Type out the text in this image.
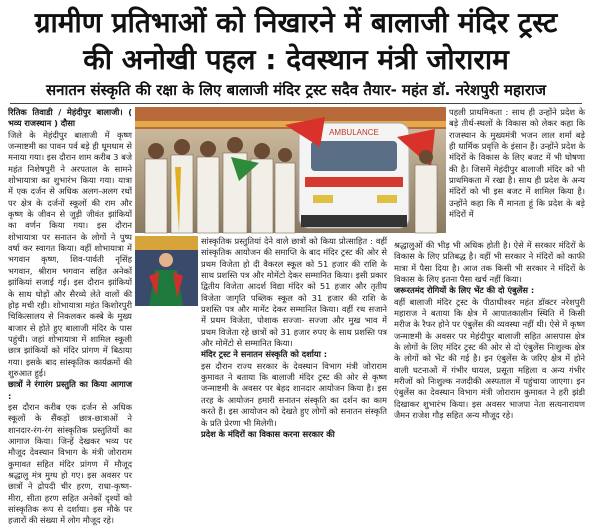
ग्रामीण प्रतिभाओं को निखारने में बालाजी मंदिर ट्रस्ट
की अनोखी पहल : देवस्थान मंत्री जोराराम
सनातन संस्कृति की रक्षा के लिए बालाजी मंदिर ट्रस्ट सदैव तैयार- महंत डॉ. नरेशपुरी महाराज

रितिक तिवाडी / मेहंदीपुर बालाजी। ( भव्य राजस्थान ) दौसा

जिले के मेहंदीपुर बालाजी में कृष्ण जन्माष्टमी का पावन पर्व बड़े ही धूमधाम से मनाया गया। इस दौरान शाम करीब 3 बजे महंत निशेषपुरी ने अरपताल के सामने शोभायात्रा का शुभारंभ किया गया। यात्रा में एक दर्जन से अधिक अलग-अलग रथों पर क्षेत्र के दर्जनों स्कूलों की राम और कृष्ण के जीवन से जुड़ी जीवंत झांकियों का वर्णन किया गया। इस दौरान शोभायात्रा पर सनातन के लोगों ने पुष्प वर्षा कर स्वागत किया। वहीं शोभायात्रा में भगवान कृष्ण, शिव-पार्वती नृसिंह भगवान, श्रीराम भगवान सहित अनेकों झांकियां सजाई गई। इस दौरान झांकियों के साथ घोड़ों और सैरव्ये लेते वालों की होड़ मची रही। शोभायात्रा महंत किशोरपुरी चिकित्सालय से निकलकर कस्बे के मुख्य बाजार से होते हुए बालाजी मंदिर के पास पहुंची। जहां शोभायात्रा में शामिल स्कूली छात्र झांकियों को मंदिर प्रांगण में बिठाया गया। इसके बाद सांस्कृतिक कार्यक्रमों की शुरुआत हुई।

छात्रों ने रंगारंग प्रस्तुति का किया आगाज :

इस दौरान करीब एक दर्जन से अधिक स्कूलों के सैंकड़ों छात्र-छात्राओं ने शानदार-रंग-रंग सांस्कृतिक प्रस्तुतियों का आगाज किया। जिन्हें देखकर भव्य पर मौजूद देवस्थान विभाग के मंत्री जोराराम कुमावत सहित मंदिर प्रांगण में मौजूद श्रद्धालु मंत्र मुग्ध हो गए। इस अवसर पर छात्रों ने द्रोपदी चीर हरण, राधा-कृष्ण-मीरा, सीता हरण सहित अनेकों दृश्यों को सांस्कृतिक रूप से दर्शाया। इस मौके पर हजारों की संख्या में लोग मौजूद रहे।

AMBULANCE

सांस्कृतिक प्रस्तुतियां देने वाले छात्रों को किया प्रोत्साहित : वहीं सांस्कृतिक आयोजन की समाप्ति के बाद मंदिर ट्रस्ट की ओर से प्रथम विजेता हो दी वैकरल स्कूल को 51 हजार की राशि के साथ प्रशस्ति पत्र और मोमेंटो देकर सम्मानित किया। इसी प्रकार द्वितीय विजेता आदर्श विद्या मंदिर को 51 हजार और तृतीय विजेता जागृति पब्लिक स्कूल को 31 हजार की राशि के प्रशस्ति पत्र और मामेंट देकर सम्मानित किया। वहीं रथ सजाने में प्रथम विजेता, पोशाक सज्जा- सज्जा और मुख भाव में प्रथम विजेता रहे छात्रों को 31 हजार रुपए के साथ प्रशस्ति पत्र और मोमेंटो से सम्मानित किया।

मंदिर ट्रस्ट ने सनातन संस्कृति को दर्शाया :

इस दौरान राज्य सरकार के देवस्थान विभाग मंत्री जोराराम कुमावत ने बताया कि बालाजी मंदिर ट्रस्ट की ओर से कृष्ण जन्माष्टमी के अवसर पर बेहद शानदार आयोजन किया है। इस तरह के आयोजन हमारी सनातन संस्कृति का दर्शन का काम करते हैं। इस आयोजन को देखते हुए लोगों को सनातन संस्कृति के प्रति प्रेरणा भी मिलेगी।

प्रदेश के मंदिरों का विकास करना सरकार की

पहली प्राथमिकता : साथ ही उन्होंने प्रदेश के बड़े तीर्थ-स्थलों के विकास को लेकर कहा कि राजस्थान के मुख्यमंत्री भजन लाल शर्मा बड़े ही धार्मिक प्रवृत्ति के इंसान हैं। उन्होंने प्रदेश के मंदिरों के विकास के लिए बजट में भी घोषणा की है। जिसमें मेहंदीपुर बालाजी मंदिर को भी प्राथमिकता में रखा है। साथ ही प्रदेश के अन्य मंदिरों को भी इस बजट में शामिल किया है। उन्होंने कहा कि मैं मानता हूं कि प्रदेश के बड़े मंदिरों में

श्रद्धालुओं की भीड़ भी अधिक होती है। ऐसे में सरकार मंदिरों के विकास के लिए प्रतिबद्ध है। वहीं भी सरकार ने मंदिरों को काफी मात्रा में पैसा दिया है। आज तक किसी भी सरकार ने मंदिरों के विकास के लिए इतना पैसा खर्च नहीं किया।

जरूरतमंद रोगियों के लिए भेंट की दो एंबुलेंस :

वहीं बालाजी मंदिर ट्रस्ट के पीठाधीश्वर महंत डॉक्टर नरेशपुरी महाराज ने बताया कि क्षेत्र में आपातकालीन स्थिति में किसी मरीज के रैफर होने पर एंबुलेंस की व्यवस्था नहीं थी। ऐसे में कृष्ण जन्माष्टमी के अवसर पर मेहंदीपुर बालाजी सहित आसपास क्षेत्र के लोगों के लिए मंदिर ट्रस्ट की ओर से दो एंबुलेंस निःशुल्क क्षेत्र के लोगों को भेंट की गई है। इन एंबुलेंस के जरिए क्षेत्र में होने वाली घटनाओं में गंभीर घायल, प्रसूता महिला व अन्य गंभीर मरीजों को निःशुल्क नजदीकी अस्पताल में पहुंचाया जाएगा। इन एंबुलेंस का देवस्थान विभाग मंत्री जोराराम कुमावत ने हरी झंडी दिखाकर शुभारंभ किया। इस अवसर भाजपा नेता सत्यनारायण जैमन राजेश गौड़ सहित अन्य मौजूद रहे।
